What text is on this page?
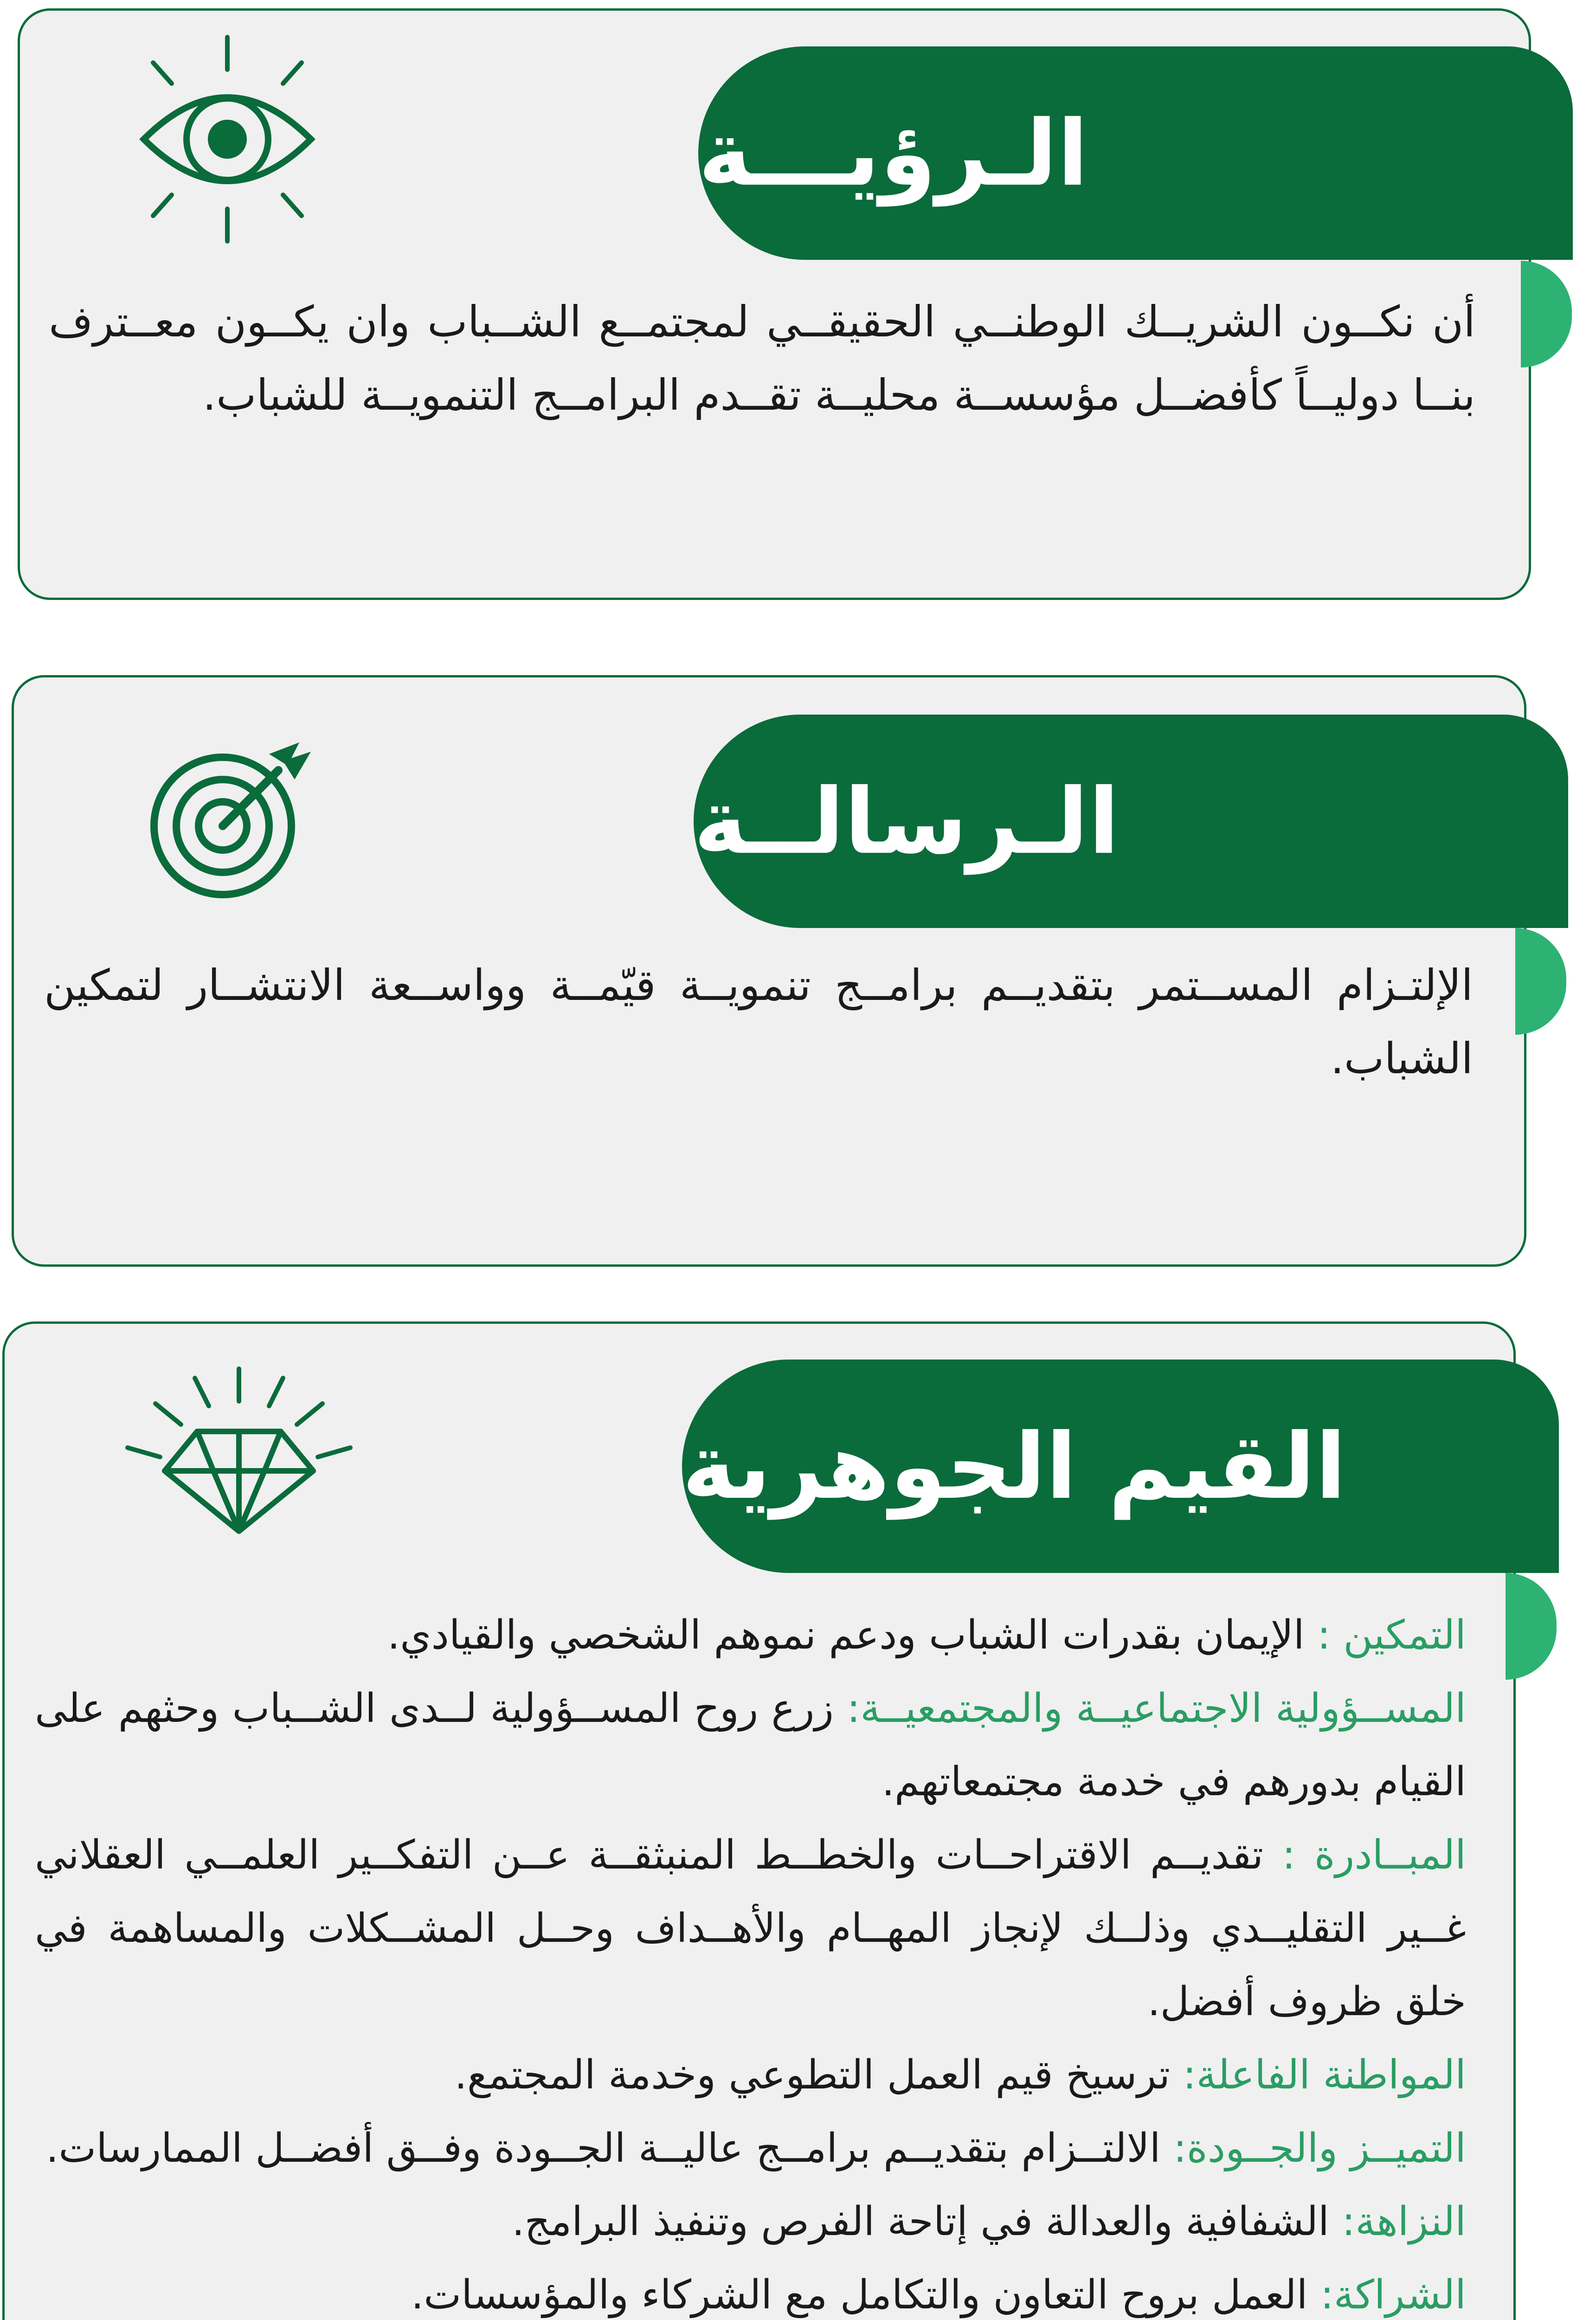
الـرؤيـــة

أن نكــون الشريــك الوطنــي الحقيقــي لمجتمــع الشــباب وان يكــون معــترف بنــا دوليــاً كأفضــل مؤسســة محليــة تقــدم البرامــج التنمويــة للشباب.

الـرسالــة

الإلتـزام المســتمر بتقديــم برامــج تنمويــة قيّمــة وواســعة الانتشــار لتمكين الشباب.

القيم الجوهرية

التمكين : الإيمان بقدرات الشباب ودعم نموهم الشخصي والقيادي.

المســؤولية الاجتماعيــة والمجتمعيــة: زرع روح المســؤولية لــدى الشــباب وحثهم على القيام بدورهم في خدمة مجتمعاتهم.

المبــادرة : تقديــم الاقتراحــات والخطــط المنبثقــة عــن التفكــير العلمــي العقلاني غــير التقليــدي وذلــك لإنجاز المهــام والأهــداف وحــل المشــكلات والمساهمة في خلق ظروف أفضل.

المواطنة الفاعلة: ترسيخ قيم العمل التطوعي وخدمة المجتمع.

التميــز والجــودة: الالتــزام بتقديــم برامــج عاليــة الجــودة وفــق أفضــل الممارسات.

النزاهة: الشفافية والعدالة في إتاحة الفرص وتنفيذ البرامج.

الشراكة: العمل بروح التعاون والتكامل مع الشركاء والمؤسسات.
